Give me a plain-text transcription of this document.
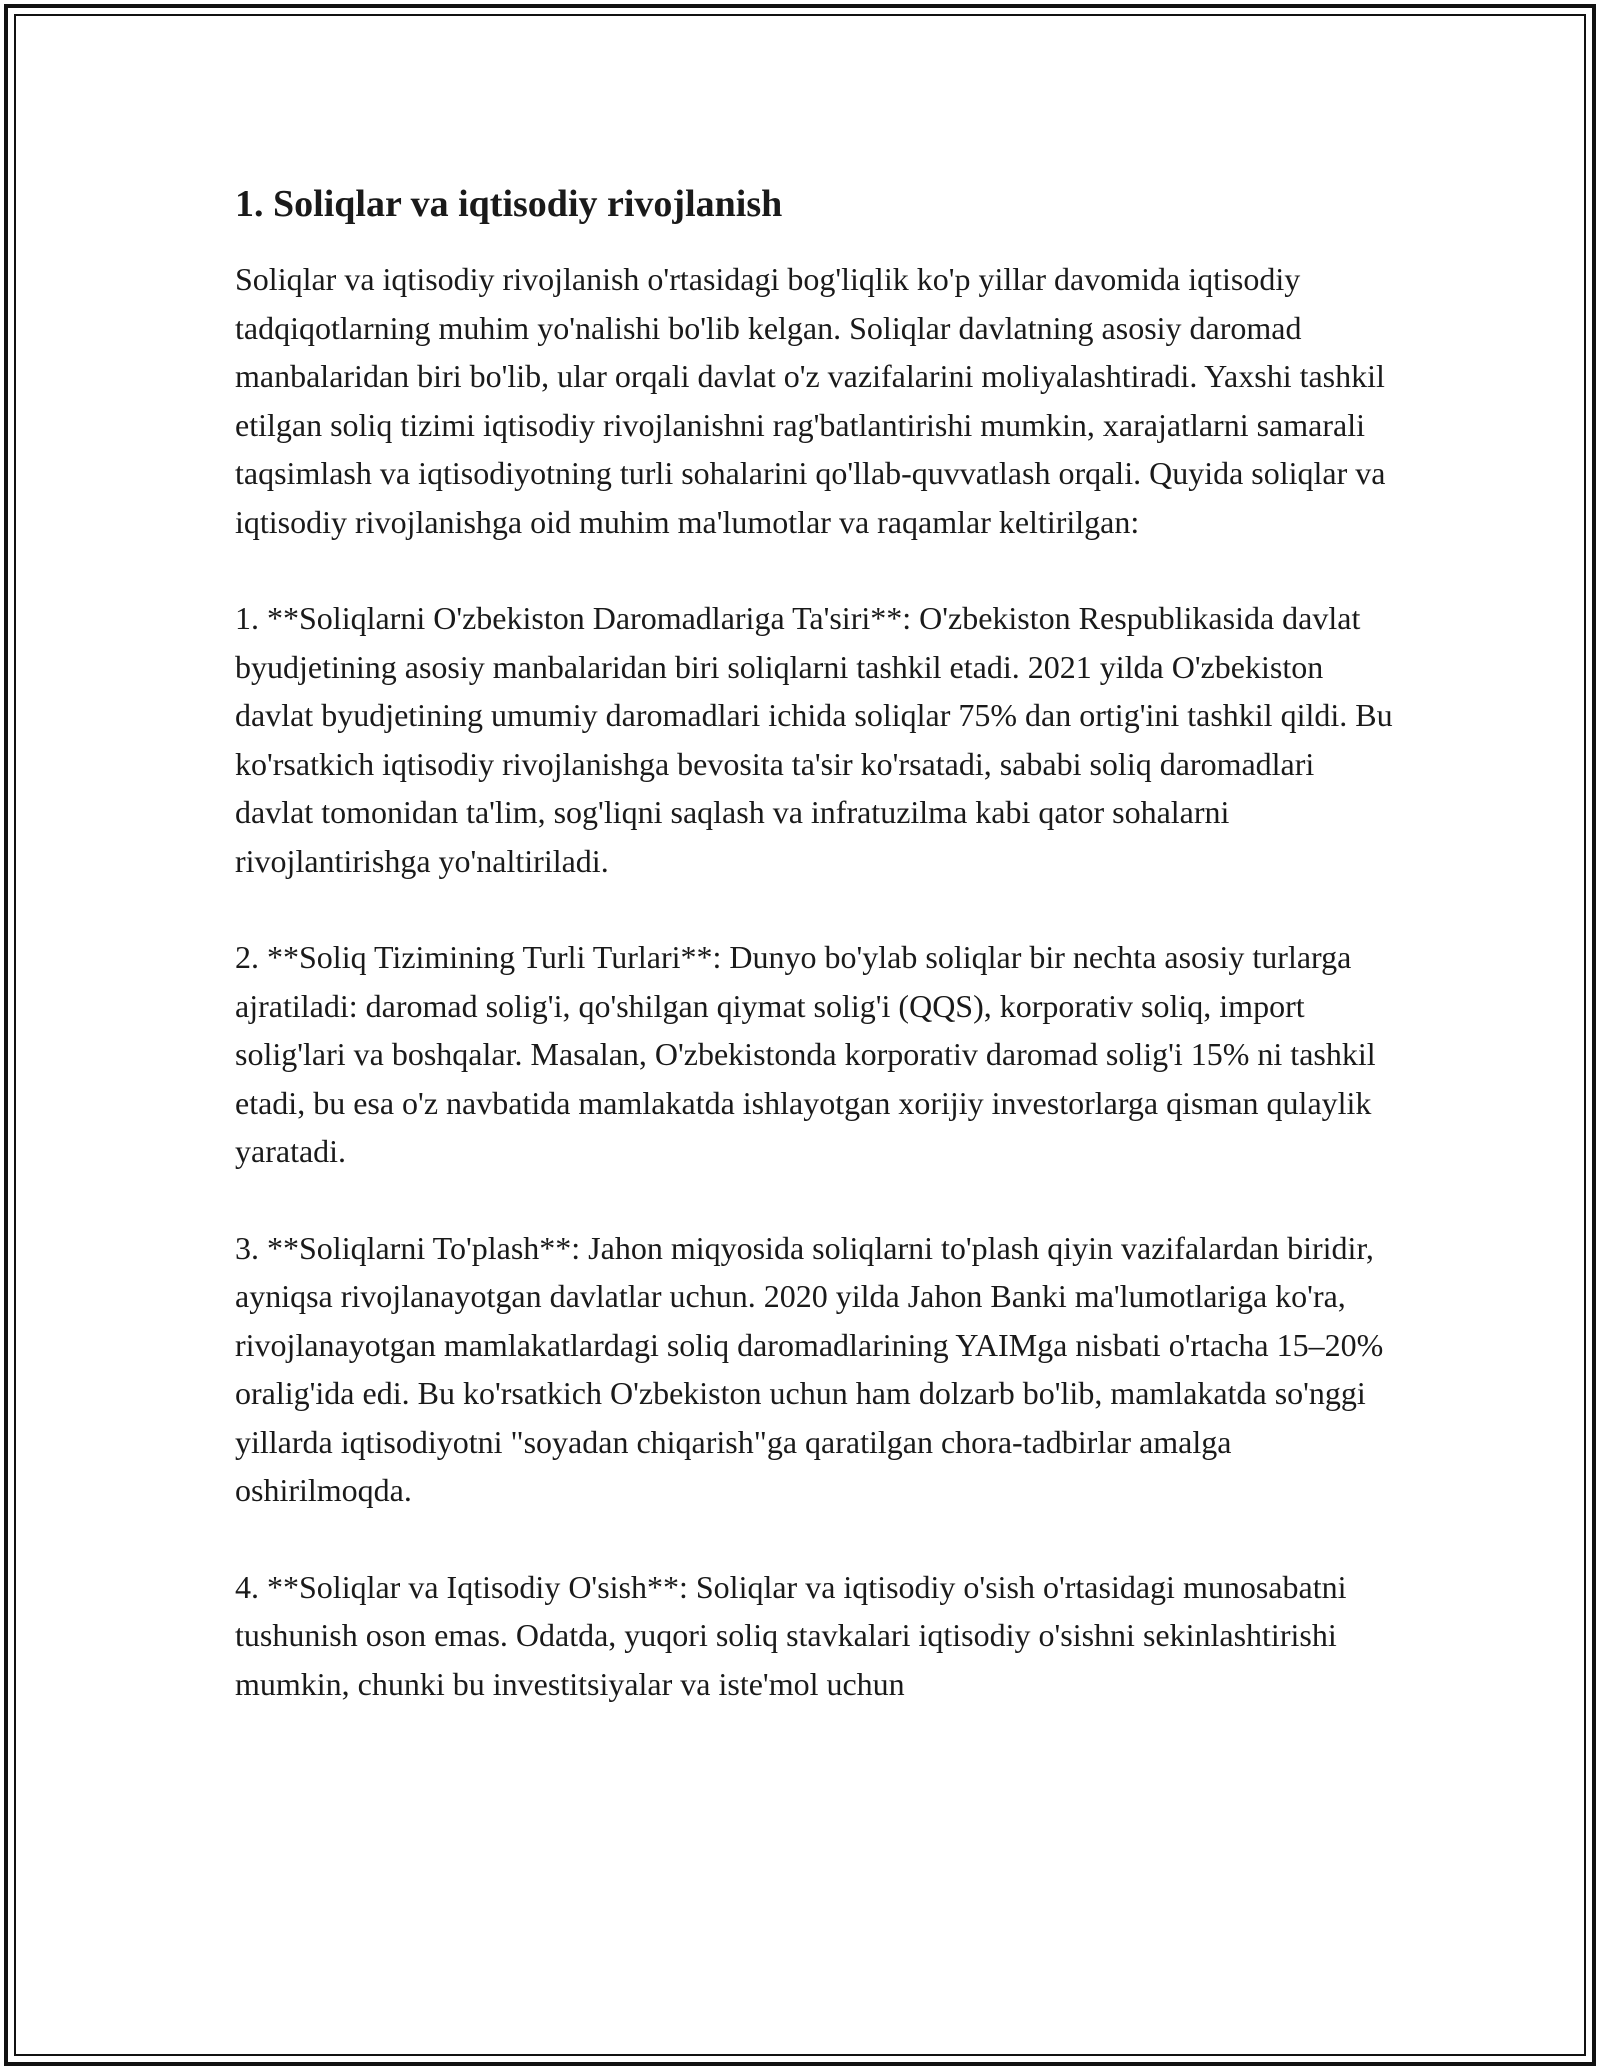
1. Soliqlar va iqtisodiy rivojlanish

Soliqlar va iqtisodiy rivojlanish o'rtasidagi bog'liqlik ko'p yillar davomida iqtisodiy tadqiqotlarning muhim yo'nalishi bo'lib kelgan. Soliqlar davlatning asosiy daromad manbalaridan biri bo'lib, ular orqali davlat o'z vazifalarini moliyalashtiradi. Yaxshi tashkil etilgan soliq tizimi iqtisodiy rivojlanishni rag'batlantirishi mumkin, xarajatlarni samarali taqsimlash va iqtisodiyotning turli sohalarini qo'llab-quvvatlash orqali. Quyida soliqlar va iqtisodiy rivojlanishga oid muhim ma'lumotlar va raqamlar keltirilgan:

1. **Soliqlarni O'zbekiston Daromadlariga Ta'siri**: O'zbekiston Respublikasida davlat byudjetining asosiy manbalaridan biri soliqlarni tashkil etadi. 2021 yilda O'zbekiston davlat byudjetining umumiy daromadlari ichida soliqlar 75% dan ortig'ini tashkil qildi. Bu ko'rsatkich iqtisodiy rivojlanishga bevosita ta'sir ko'rsatadi, sababi soliq daromadlari davlat tomonidan ta'lim, sog'liqni saqlash va infratuzilma kabi qator sohalarni rivojlantirishga yo'naltiriladi.

2. **Soliq Tizimining Turli Turlari**: Dunyo bo'ylab soliqlar bir nechta asosiy turlarga ajratiladi: daromad solig'i, qo'shilgan qiymat solig'i (QQS), korporativ soliq, import solig'lari va boshqalar. Masalan, O'zbekistonda korporativ daromad solig'i 15% ni tashkil etadi, bu esa o'z navbatida mamlakatda ishlayotgan xorijiy investorlarga qisman qulaylik yaratadi.

3. **Soliqlarni To'plash**: Jahon miqyosida soliqlarni to'plash qiyin vazifalardan biridir, ayniqsa rivojlanayotgan davlatlar uchun. 2020 yilda Jahon Banki ma'lumotlariga ko'ra, rivojlanayotgan mamlakatlardagi soliq daromadlarining YAIMga nisbati o'rtacha 15–20% oralig'ida edi. Bu ko'rsatkich O'zbekiston uchun ham dolzarb bo'lib, mamlakatda so'nggi yillarda iqtisodiyotni "soyadan chiqarish"ga qaratilgan chora-tadbirlar amalga oshirilmoqda.

4. **Soliqlar va Iqtisodiy O'sish**: Soliqlar va iqtisodiy o'sish o'rtasidagi munosabatni tushunish oson emas. Odatda, yuqori soliq stavkalari iqtisodiy o'sishni sekinlashtirishi mumkin, chunki bu investitsiyalar va iste'mol uchun
